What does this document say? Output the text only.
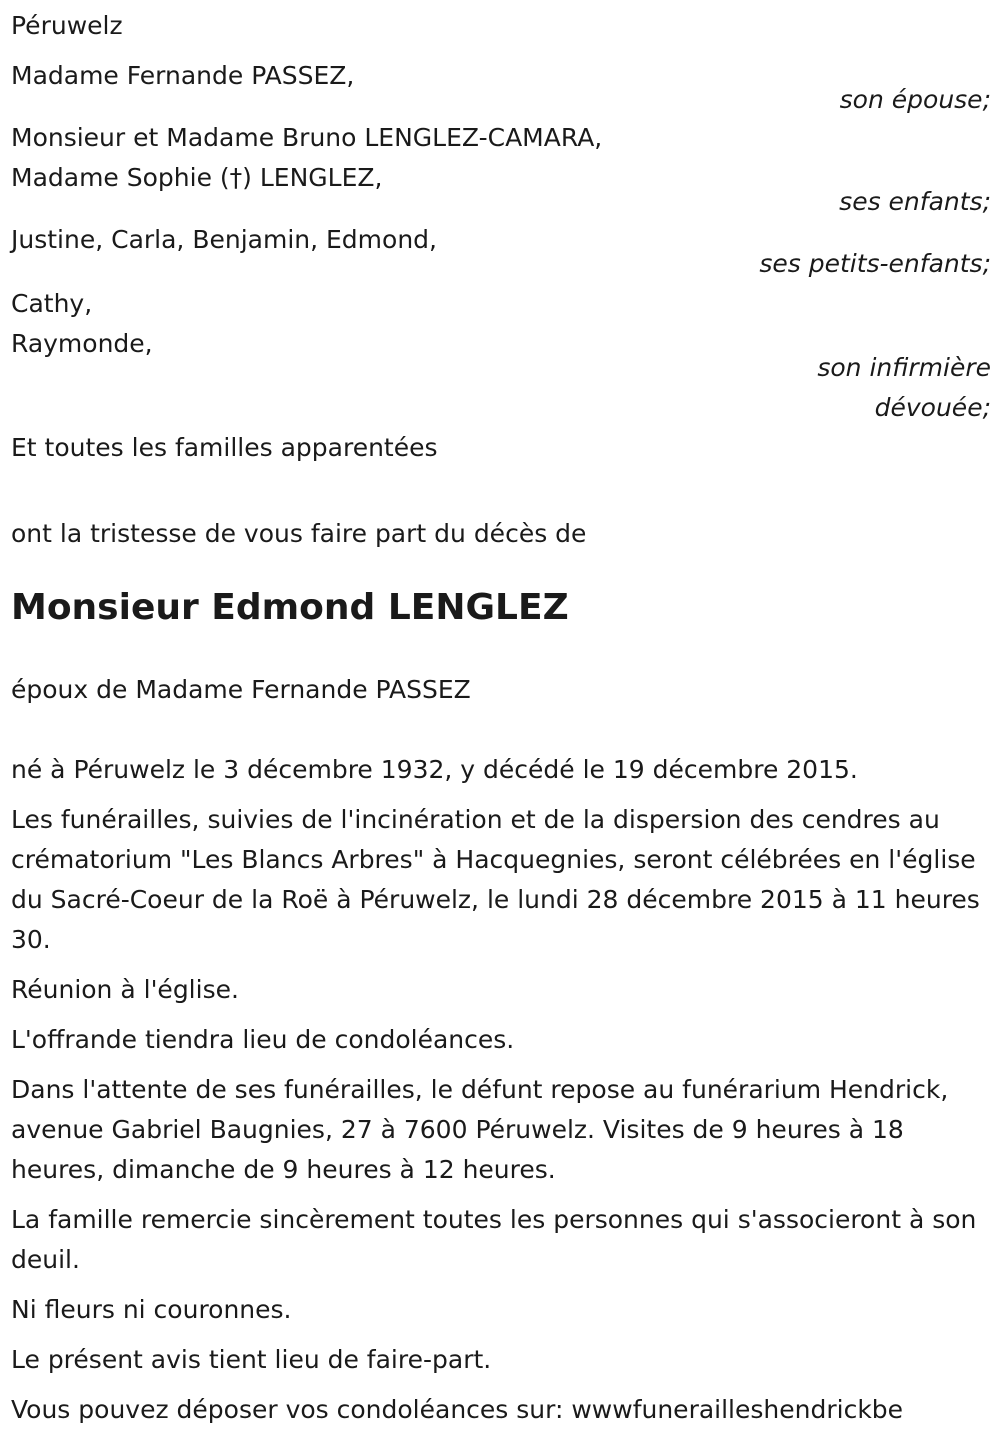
Péruwelz

Madame Fernande PASSEZ,

son épouse;

Monsieur et Madame Bruno LENGLEZ-CAMARA,

Madame Sophie (†) LENGLEZ,

ses enfants;

Justine, Carla, Benjamin, Edmond,

ses petits-enfants;

Cathy,

Raymonde,

son infirmière

dévouée;

Et toutes les familles apparentées

ont la tristesse de vous faire part du décès de

Monsieur Edmond LENGLEZ

époux de Madame Fernande PASSEZ

né à Péruwelz le 3 décembre 1932, y décédé le 19 décembre 2015.

Les funérailles, suivies de l'incinération et de la dispersion des cendres au crématorium "Les Blancs Arbres" à Hacquegnies, seront célébrées en l'église du Sacré-Coeur de la Roë à Péruwelz, le lundi 28 décembre 2015 à 11 heures 30.

Réunion à l'église.

L'offrande tiendra lieu de condoléances.

Dans l'attente de ses funérailles, le défunt repose au funérarium Hendrick, avenue Gabriel Baugnies, 27 à 7600 Péruwelz. Visites de 9 heures à 18 heures, dimanche de 9 heures à 12 heures.

La famille remercie sincèrement toutes les personnes qui s'associeront à son deuil.

Ni fleurs ni couronnes.

Le présent avis tient lieu de faire-part.

Vous pouvez déposer vos condoléances sur: wwwfunerailleshendrickbe
